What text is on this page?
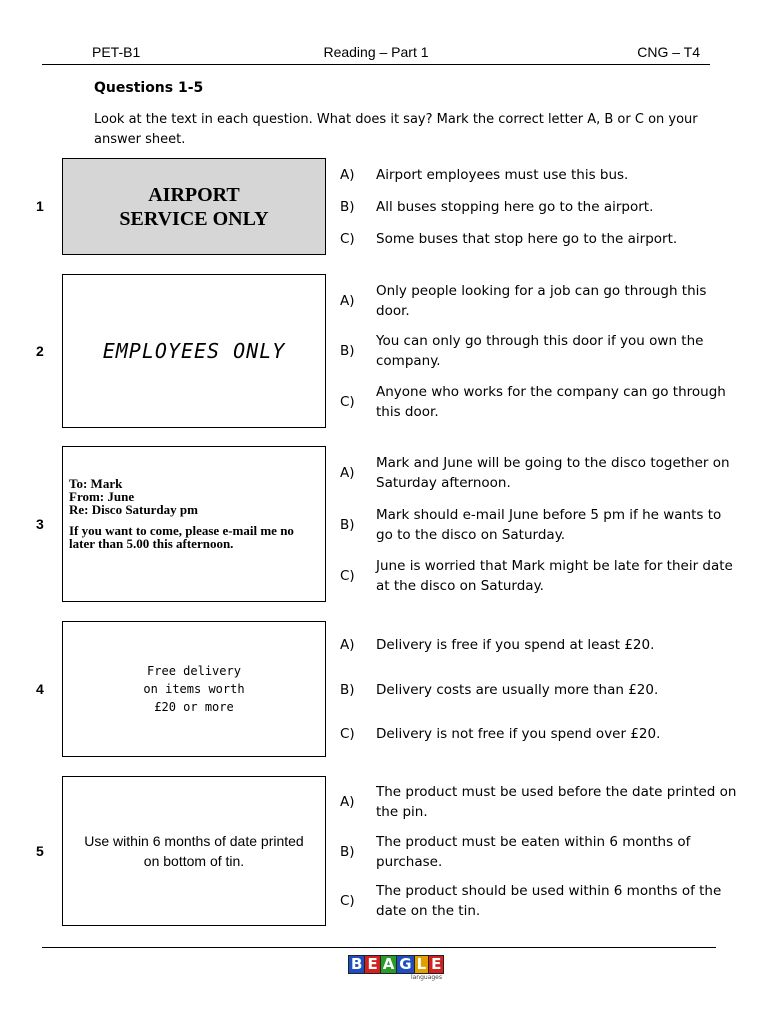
PET-B1	Reading – Part 1	CNG – T4
Questions 1-5
Look at the text in each question. What does it say? Mark the correct letter A, B or C on your answer sheet.
1
AIRPORT
SERVICE ONLY
A)	Airport employees must use this bus.
B)	All buses stopping here go to the airport.
C)	Some buses that stop here go to the airport.
2	EMPLOYEES ONLY
A)
Only people looking for a job can go through this door.
B)
You can only go through this door if you own the company.
C)
Anyone who works for the company can go through this door.
3
To: Mark
From: June
Re: Disco Saturday pm
If you want to come, please e-mail me no later than 5.00 this afternoon.
A)
Mark and June will be going to the disco together on Saturday afternoon.
B)
Mark should e-mail June before 5 pm if he wants to go to the disco on Saturday.
C)
June is worried that Mark might be late for their date at the disco on Saturday.
4
Free delivery
on items worth
£20 or more
A)	Delivery is free if you spend at least £20.
B)	Delivery costs are usually more than £20.
C)	Delivery is not free if you spend over £20.
5
Use within 6 months of date printed
on bottom of tin.
A)
The product must be used before the date printed on the pin.
B)
The product must be eaten within 6 months of purchase.
C)
The product should be used within 6 months of the date on the tin.
B E A G L E
languages
